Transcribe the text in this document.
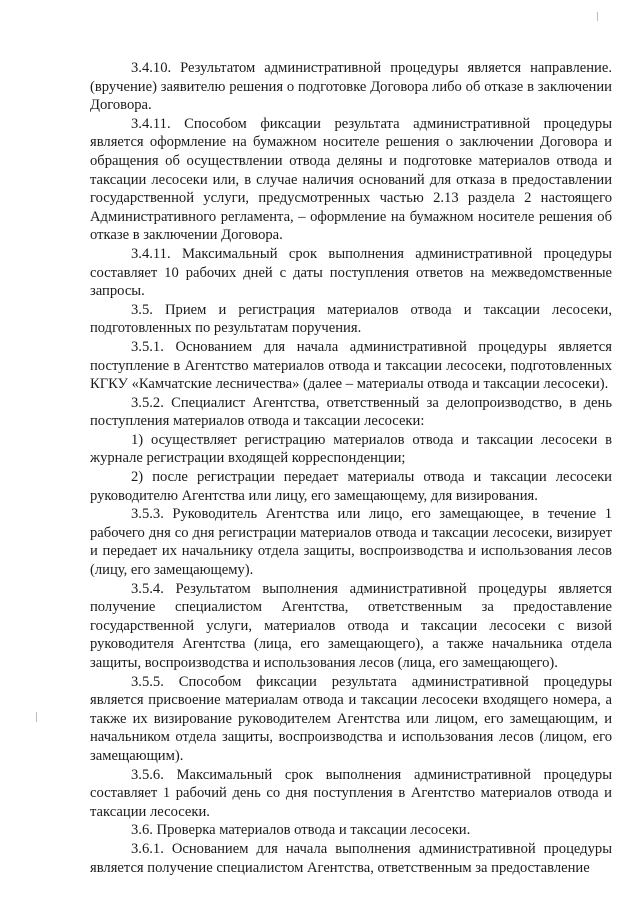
3.4.10. Результатом административной процедуры является направление. (вручение) заявителю решения о подготовке Договора либо об отказе в заключении Договора.

3.4.11. Способом фиксации результата административной процедуры является оформление на бумажном носителе решения о заключении Договора и обращения об осуществлении отвода деляны и подготовке материалов отвода и таксации лесосеки или, в случае наличия оснований для отказа в предоставлении государственной услуги, предусмотренных частью 2.13 раздела 2 настоящего Административного регламента, – оформление на бумажном носителе решения об отказе в заключении Договора.

3.4.11. Максимальный срок выполнения административной процедуры составляет 10 рабочих дней с даты поступления ответов на межведомственные запросы.

3.5. Прием и регистрация материалов отвода и таксации лесосеки, подготовленных по результатам поручения.

3.5.1. Основанием для начала административной процедуры является поступление в Агентство материалов отвода и таксации лесосеки, подготовленных КГКУ «Камчатские лесничества» (далее – материалы отвода и таксации лесосеки).

3.5.2. Специалист Агентства, ответственный за делопроизводство, в день поступления материалов отвода и таксации лесосеки:

1) осуществляет регистрацию материалов отвода и таксации лесосеки в журнале регистрации входящей корреспонденции;

2) после регистрации передает материалы отвода и таксации лесосеки руководителю Агентства или лицу, его замещающему, для визирования.

3.5.3. Руководитель Агентства или лицо, его замещающее, в течение 1 рабочего дня со дня регистрации материалов отвода и таксации лесосеки, визирует и передает их начальнику отдела защиты, воспроизводства и использования лесов (лицу, его замещающему).

3.5.4. Результатом выполнения административной процедуры является получение специалистом Агентства, ответственным за предоставление государственной услуги, материалов отвода и таксации лесосеки с визой руководителя Агентства (лица, его замещающего), а также начальника отдела защиты, воспроизводства и использования лесов (лица, его замещающего).

3.5.5. Способом фиксации результата административной процедуры является присвоение материалам отвода и таксации лесосеки входящего номера, а также их визирование руководителем Агентства или лицом, его замещающим, и начальником отдела защиты, воспроизводства и использования лесов (лицом, его замещающим).

3.5.6. Максимальный срок выполнения административной процедуры составляет 1 рабочий день со дня поступления в Агентство материалов отвода и таксации лесосеки.

3.6. Проверка материалов отвода и таксации лесосеки.

3.6.1. Основанием для начала выполнения административной процедуры является получение специалистом Агентства, ответственным за предоставление
